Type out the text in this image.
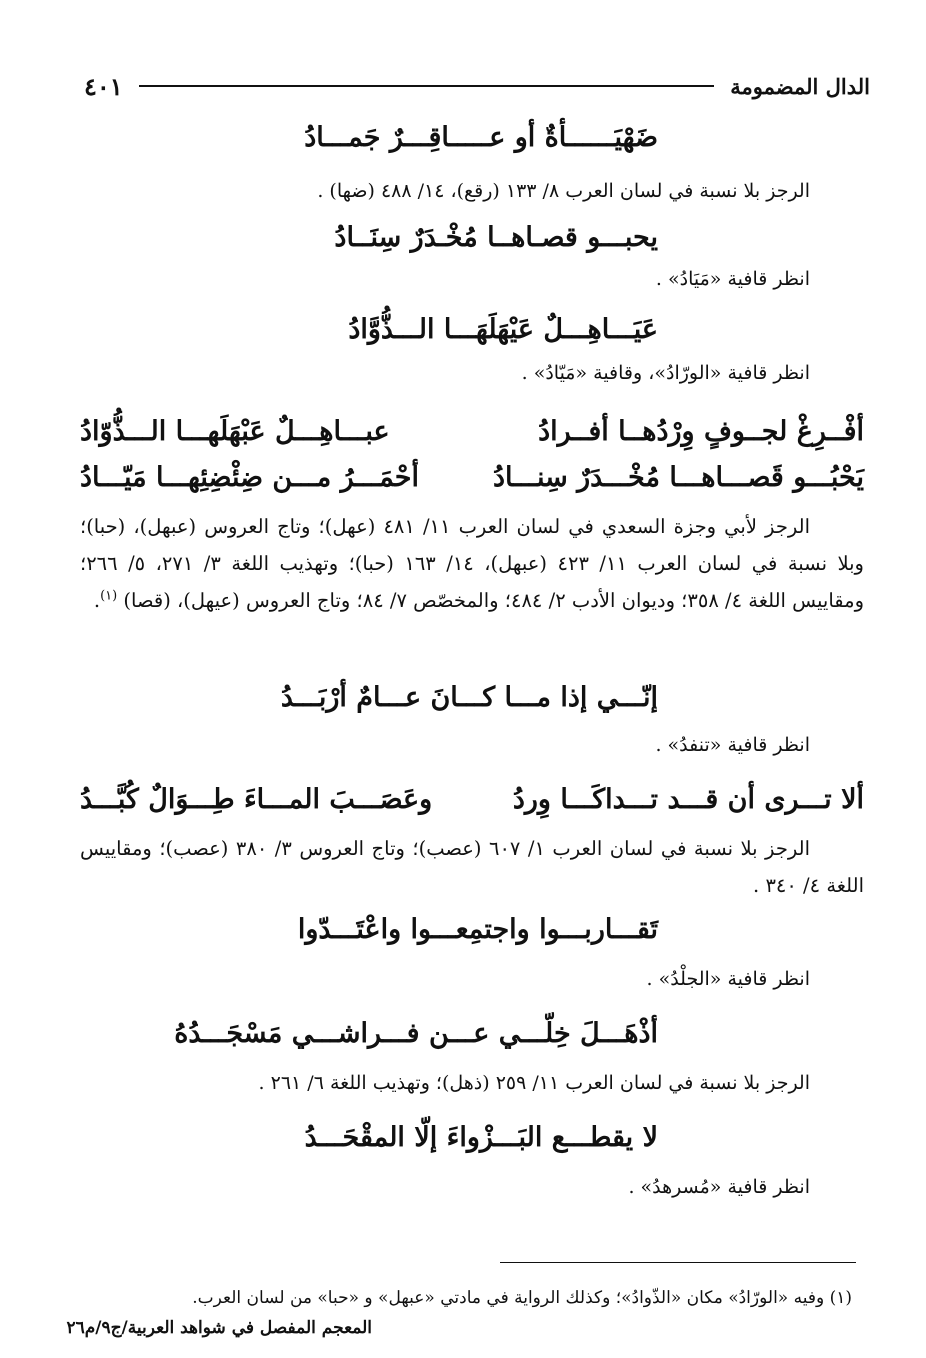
الدال المضمومة
٤٠١
ضَهْيَــــــأةٌ أو عـــــاقِـــرٌ جَمـــادُ
الرجز بلا نسبة في لسان العرب ٨/ ١٣٣ (رقع)، ١٤/ ٤٨٨ (ضها) .
يحبـــو قصـاهــا مُخْـدَرٌ سِنَــادُ
انظر قافية «مَيَادُ» .
عَيَـــاهِـــلٌ عَيْهَلَهَـــا الـــذُّوَّادُ
انظر قافية «الورّادُ»، وقافية «مَيّادُ» .
أفْــرِغْ لجــوفٍ وِرْدُهــا أفــرادُ
عبـــاهِـــلٌ عَبْهَلَهـــا الـــذُّوّادُ
يَحْبُـــو قَصـــاهـــا مُخْـــدَرٌ سِنـــادُ
أحْمَـــرُ مـــن ضِئْضِئِهـــا مَيّـــادُ
الرجز لأبي وجزة السعدي في لسان العرب ١١/ ٤٨١ (عهل)؛ وتاج العروس (عبهل)، (حبا)؛ وبلا نسبة في لسان العرب ١١/ ٤٢٣ (عبهل)، ١٤/ ١٦٣ (حبا)؛ وتهذيب اللغة ٣/ ٢٧١، ٥/ ٢٦٦؛ ومقاييس اللغة ٤/ ٣٥٨؛ وديوان الأدب ٢/ ٤٨٤؛ والمخصّص ٧/ ٨٤؛ وتاج العروس (عيهل)، (قصا) $^{(١)}$.
إنّـــي إذا مـــا كـــانَ عـــامٌ أرْبَـــدُ
انظر قافية «تنفدُ» .
ألا تـــرى أن قـــد تـــداكَـــا وِردُ
وعَصَـــبَ المـــاءَ طِـــوَالٌ كُبَّـــدُ
الرجز بلا نسبة في لسان العرب ١/ ٦٠٧ (عصب)؛ وتاج العروس ٣/ ٣٨٠ (عصب)؛ ومقاييس اللغة ٤/ ٣٤٠ .
تَقـــاربـــوا واجتمِعـــوا واعْتَـــدّوا
انظر قافية «الجلْدُ» .
أذْهَـــلَ خِلّـــي عـــن فـــراشـــي مَسْجَـــدُهُ
الرجز بلا نسبة في لسان العرب ١١/ ٢٥٩ (ذهل)؛ وتهذيب اللغة ٦/ ٢٦١ .
لا يقطـــع البَـــزْواءَ إلّا المقْحَـــدُ
انظر قافية «مُسرهدُ» .
(١) وفيه «الورّادُ» مكان «الذّوادُ»؛ وكذلك الرواية في مادتي «عبهل» و «حبا» من لسان العرب.
المعجم المفصل في شواهد العربية/ج٩/م٢٦
